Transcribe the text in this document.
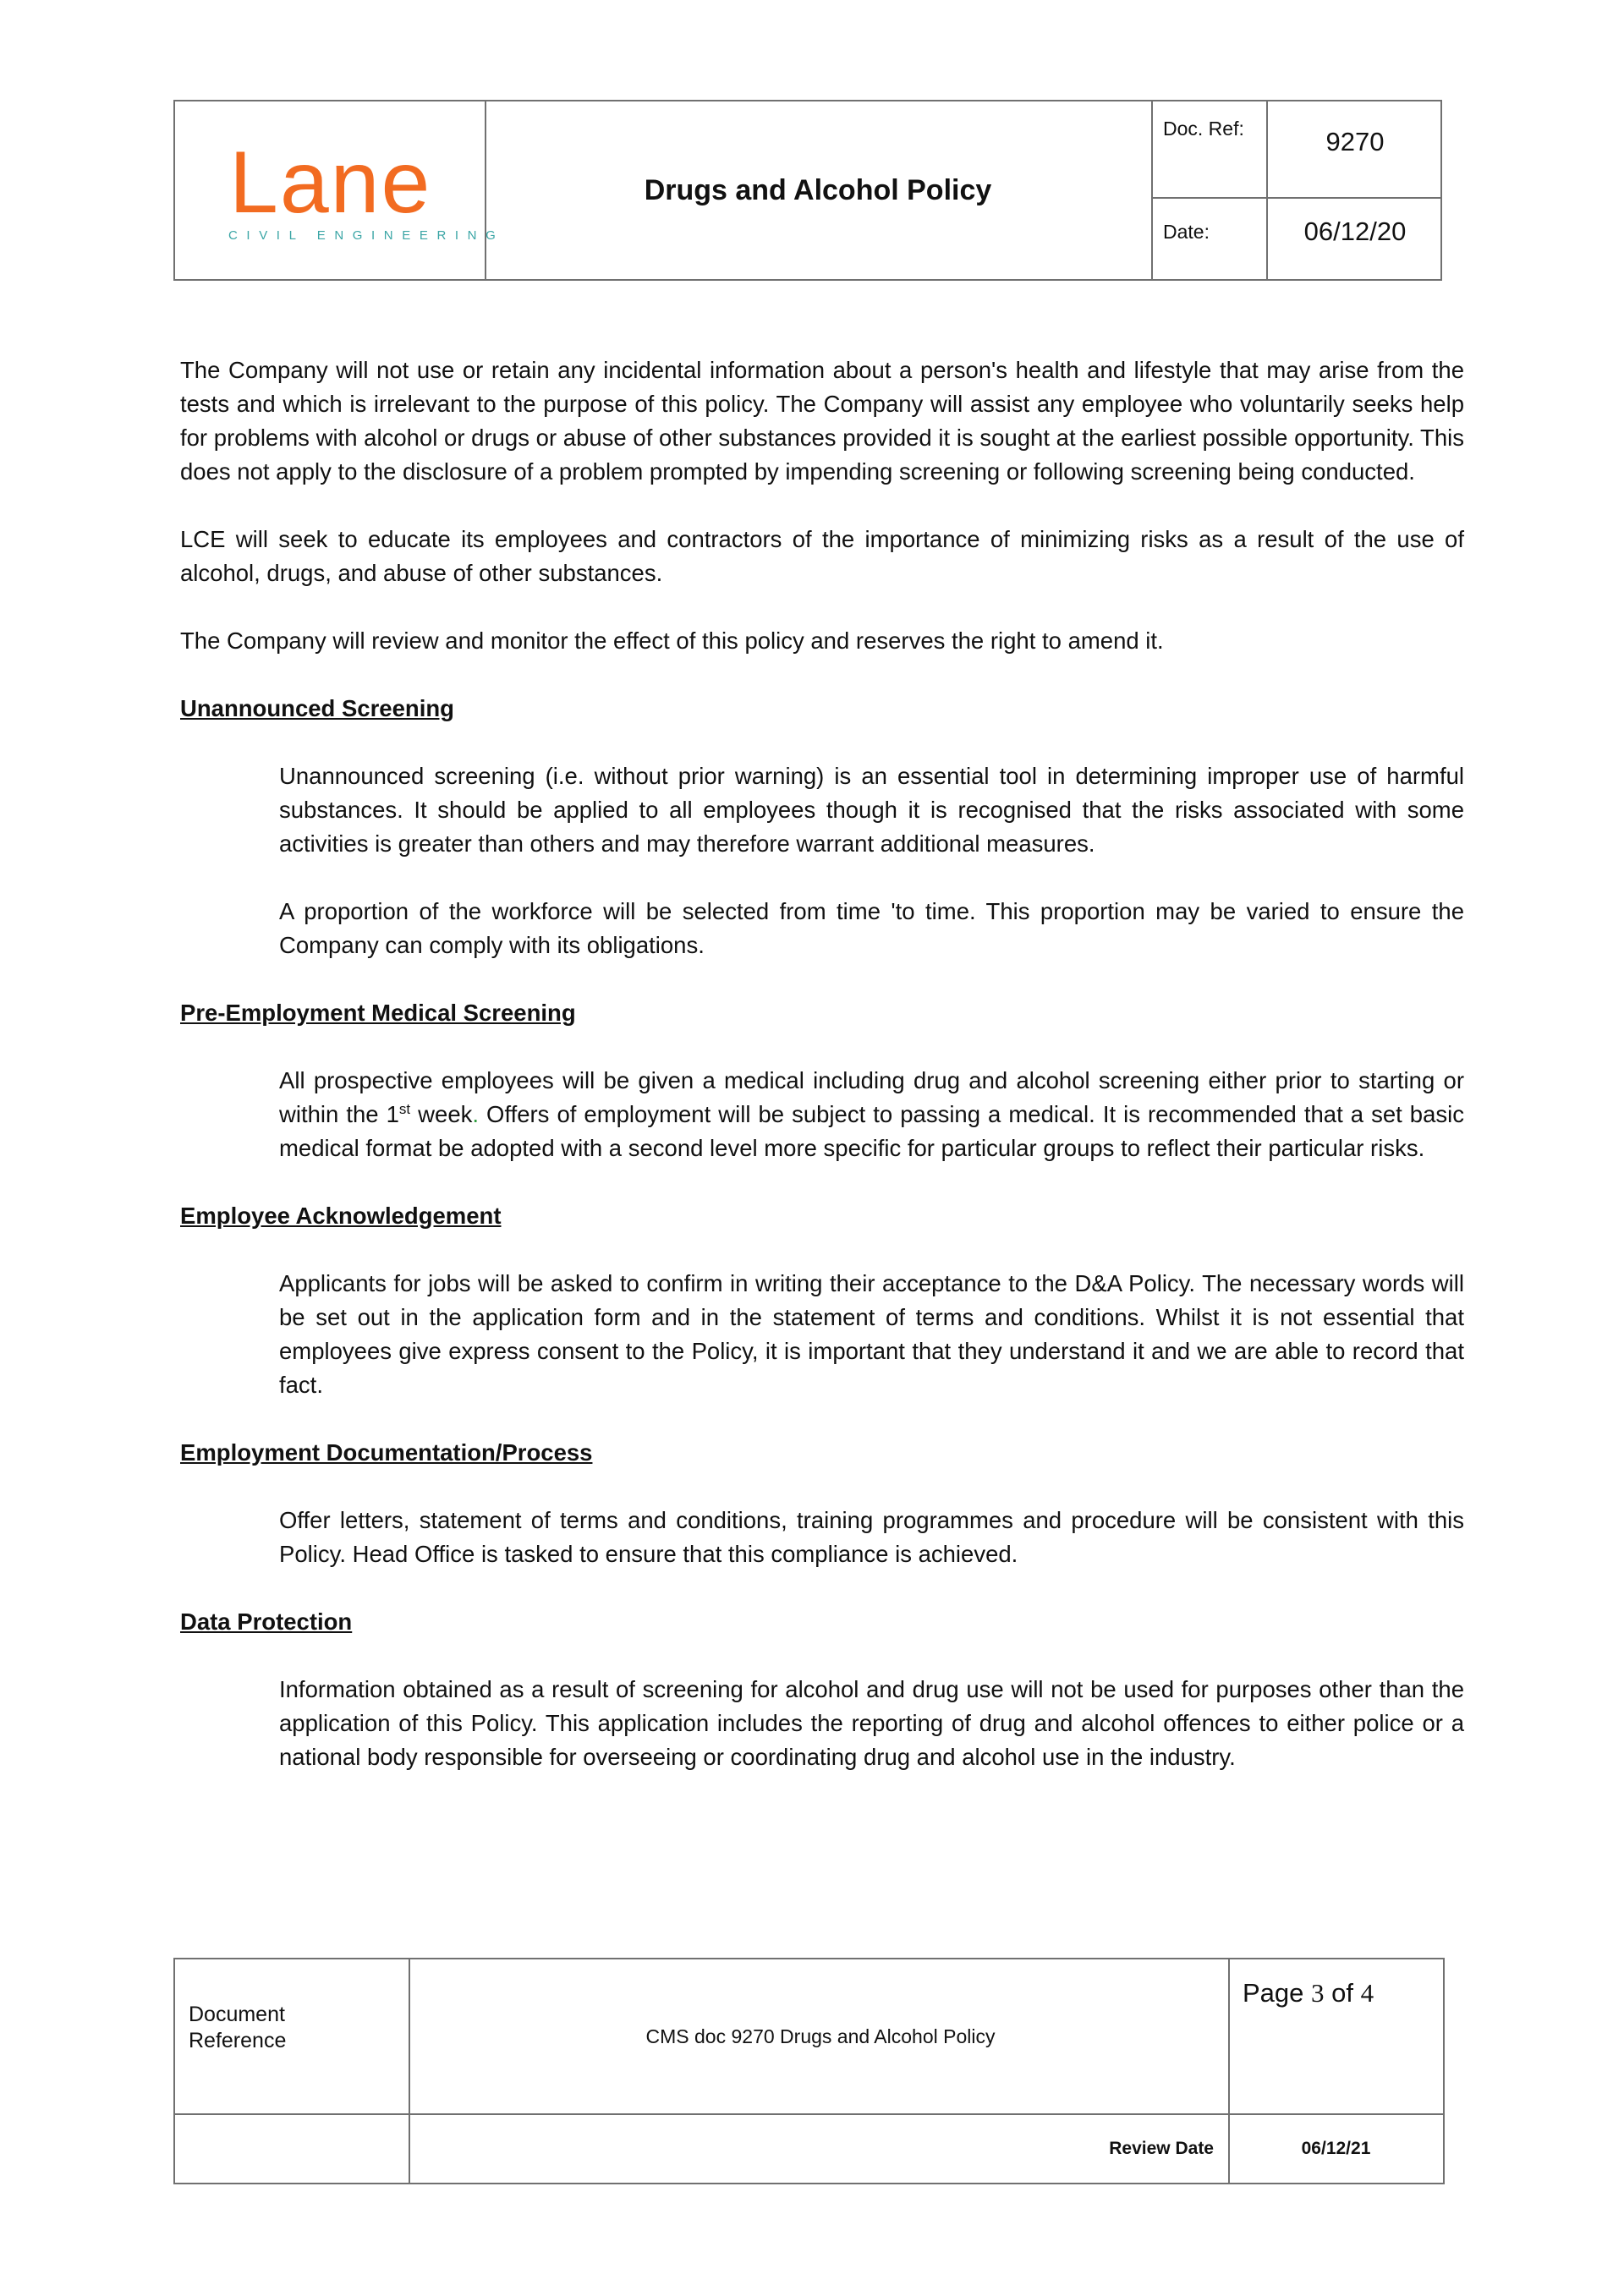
Lane
CIVIL ENGINEERING
Drugs and Alcohol Policy
Doc. Ref:	9270
Date:	06/12/20

The Company will not use or retain any incidental information about a person's health and lifestyle that may arise from the tests and which is irrelevant to the purpose of this policy. The Company will assist any employee who voluntarily seeks help for problems with alcohol or drugs or abuse of other substances provided it is sought at the earliest possible opportunity. This does not apply to the disclosure of a problem prompted by impending screening or following screening being conducted.

LCE will seek to educate its employees and contractors of the importance of minimizing risks as a result of the use of alcohol, drugs, and abuse of other substances.

The Company will review and monitor the effect of this policy and reserves the right to amend it.

Unannounced Screening

Unannounced screening (i.e. without prior warning) is an essential tool in determining improper use of harmful substances. It should be applied to all employees though it is recognised that the risks associated with some activities is greater than others and may therefore warrant additional measures.

A proportion of the workforce will be selected from time 'to time. This proportion may be varied to ensure the Company can comply with its obligations.

Pre-Employment Medical Screening

All prospective employees will be given a medical including drug and alcohol screening either prior to starting or within the 1st week. Offers of employment will be subject to passing a medical. It is recommended that a set basic medical format be adopted with a second level more specific for particular groups to reflect their particular risks.

Employee Acknowledgement

Applicants for jobs will be asked to confirm in writing their acceptance to the D&A Policy. The necessary words will be set out in the application form and in the statement of terms and conditions. Whilst it is not essential that employees give express consent to the Policy, it is important that they understand it and we are able to record that fact.

Employment Documentation/Process

Offer letters, statement of terms and conditions, training programmes and procedure will be consistent with this Policy. Head Office is tasked to ensure that this compliance is achieved.

Data Protection

Information obtained as a result of screening for alcohol and drug use will not be used for purposes other than the application of this Policy. This application includes the reporting of drug and alcohol offences to either police or a national body responsible for overseeing or coordinating drug and alcohol use in the industry.

Document Reference	CMS doc 9270 Drugs and Alcohol Policy
Page 3 of 4
Review Date	06/12/21
